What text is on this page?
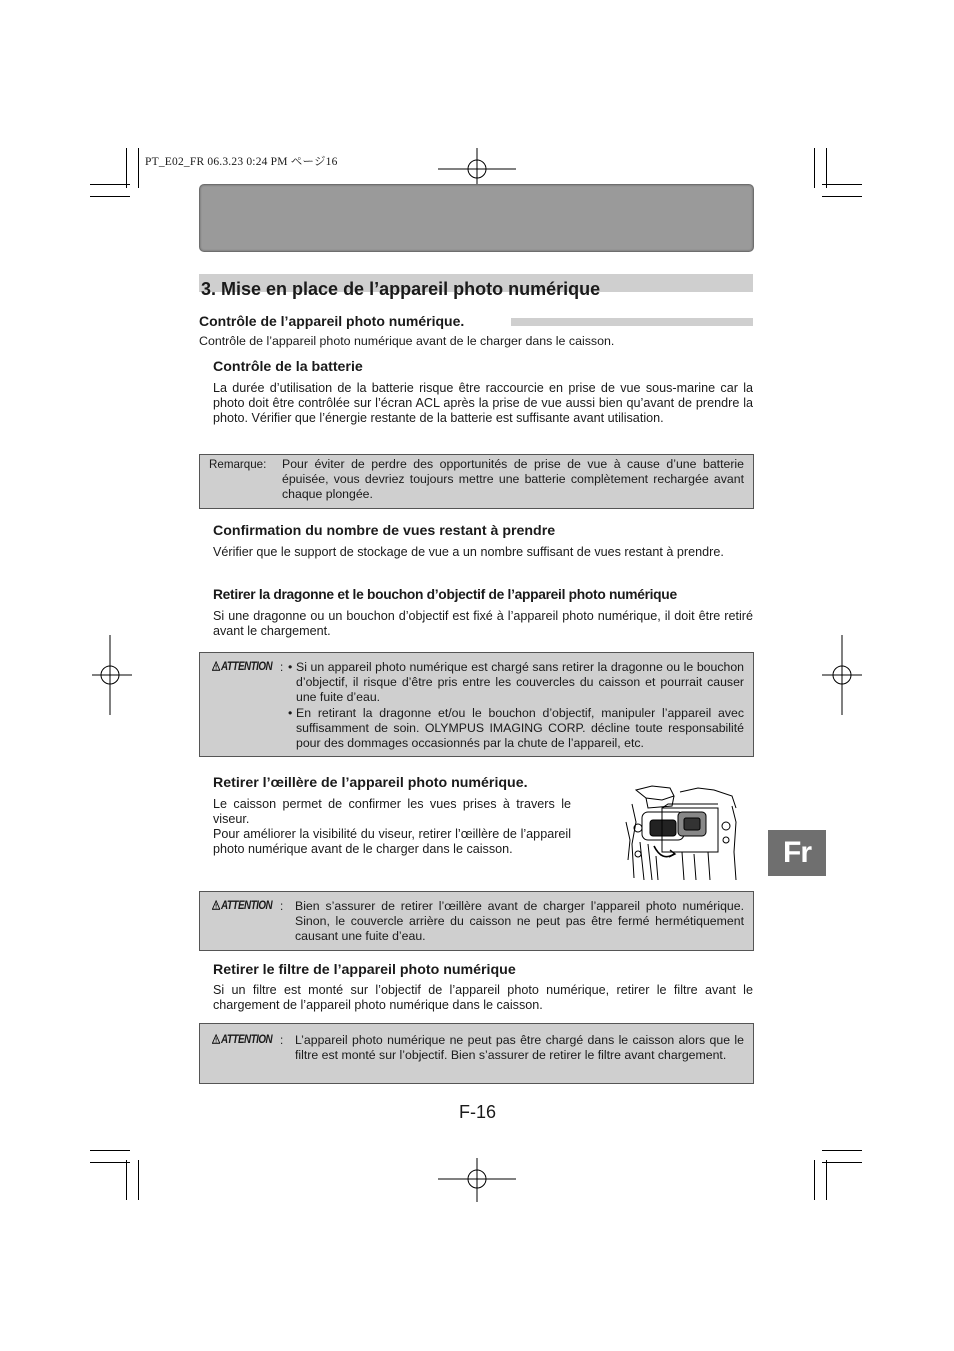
PT_E02_FR 06.3.23 0:24 PM ページ16
3. Mise en place de l’appareil photo numérique
Contrôle de l’appareil photo numérique.
Contrôle de l’appareil photo numérique avant de le charger dans le caisson.
Contrôle de la batterie
La durée d’utilisation de la batterie risque être raccourcie en prise de vue sous-marine car la photo doit être contrôlée sur l’écran ACL après la prise de vue aussi bien qu’avant de prendre la photo. Vérifier que l’énergie restante de la batterie est suffisante avant utilisation.
Remarque: Pour éviter de perdre des opportunités de prise de vue à cause d’une batterie épuisée, vous devriez toujours mettre une batterie complètement rechargée avant chaque plongée.
Confirmation du nombre de vues restant à prendre
Vérifier que le support de stockage de vue a un nombre suffisant de vues restant à prendre.
Retirer la dragonne et le bouchon d’objectif de l’appareil photo numérique
Si une dragonne ou un bouchon d’objectif est fixé à l’appareil photo numérique, il doit être retiré avant le chargement.
ATTENTION : • Si un appareil photo numérique est chargé sans retirer la dragonne ou le bouchon d’objectif, il risque d’être pris entre les couvercles du caisson et pourrait causer une fuite d’eau.
• En retirant la dragonne et/ou le bouchon d’objectif, manipuler l’appareil avec suffisamment de soin. OLYMPUS IMAGING CORP. décline toute responsabilité pour des dommages occasionnés par la chute de l’appareil, etc.
Retirer l’œillère de l’appareil photo numérique.
Le caisson permet de confirmer les vues prises à travers le viseur.
Pour améliorer la visibilité du viseur, retirer l’œillère de l’appareil photo numérique avant de le charger dans le caisson.
ATTENTION : Bien s’assurer de retirer l’œillère avant de charger l’appareil photo numérique. Sinon, le couvercle arrière du caisson ne peut pas être fermé hermétiquement causant une fuite d’eau.
Retirer le filtre de l’appareil photo numérique
Si un filtre est monté sur l’objectif de l’appareil photo numérique, retirer le filtre avant le chargement de l’appareil photo numérique dans le caisson.
ATTENTION : L’appareil photo numérique ne peut pas être chargé dans le caisson alors que le filtre est monté sur l’objectif. Bien s’assurer de retirer le filtre avant chargement.
Fr
F-16
